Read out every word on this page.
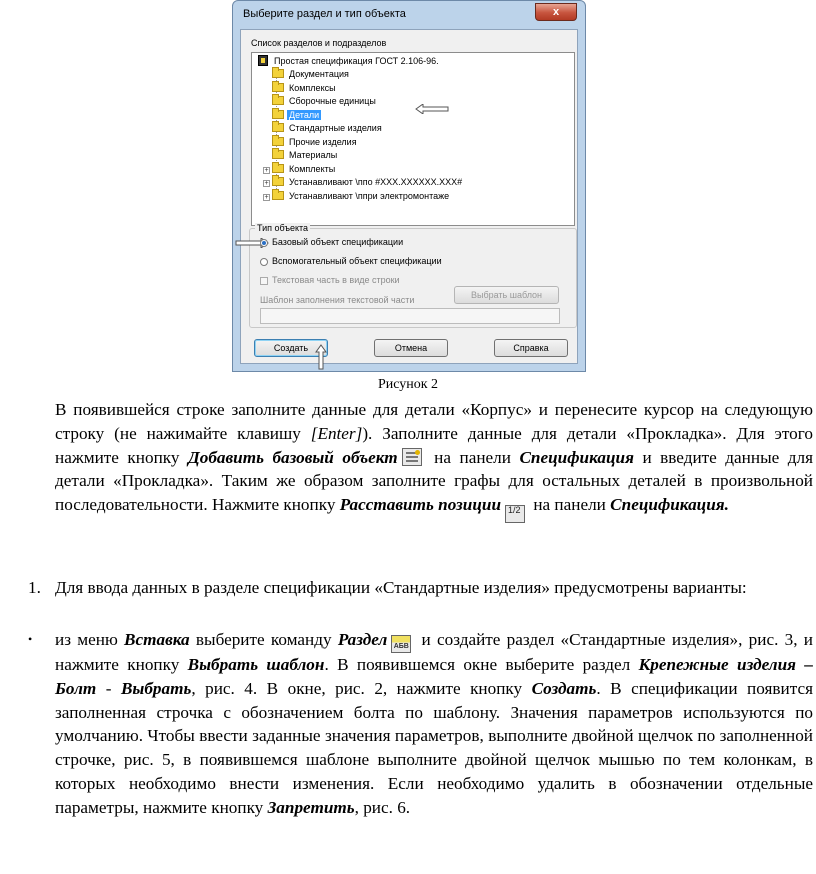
Выберите раздел и тип объекта	x
Список разделов и подразделов
Простая спецификация ГОСТ 2.106-96.
Документация
Комплексы
Сборочные единицы
Детали
Стандартные изделия
Прочие изделия
Материалы
+ Комплекты
+ Устанавливают \ппо #XXX.XXXXXX.XXX#
+ Устанавливают \ппри электромонтаже
Тип объекта
Базовый объект спецификации
Вспомогательный объект спецификации
Текстовая часть в виде строки
Шаблон заполнения текстовой части	Выбрать шаблон
Создать	Отмена	Справка
Рисунок 2

В появившейся строке заполните данные для детали «Корпус» и перенесите курсор на следующую строку (не нажимайте клавишу [Enter]). Заполните данные для детали «Прокладка». Для этого нажмите кнопку Добавить базовый объект на панели Спецификация и введите данные для детали «Прокладка». Таким же образом заполните графы для остальных деталей в произвольной последовательности. Нажмите кнопку Расставить позиции 1/2 на панели Спецификация.

1. Для ввода данных в разделе спецификации «Стандартные изделия» предусмотрены варианты:

• из меню Вставка выберите команду Раздел АБВ и создайте раздел «Стандартные изделия», рис. 3, и нажмите кнопку Выбрать шаблон. В появившемся окне выберите раздел Крепежные изделия – Болт - Выбрать, рис. 4. В окне, рис. 2, нажмите кнопку Создать. В спецификации появится заполненная строчка с обозначением болта по шаблону. Значения параметров используются по умолчанию. Чтобы ввести заданные значения параметров, выполните двойной щелчок по заполненной строчке, рис. 5, в появившемся шаблоне выполните двойной щелчок мышью по тем колонкам, в которых необходимо внести изменения. Если необходимо удалить в обозначении отдельные параметры, нажмите кнопку Запретить, рис. 6.
